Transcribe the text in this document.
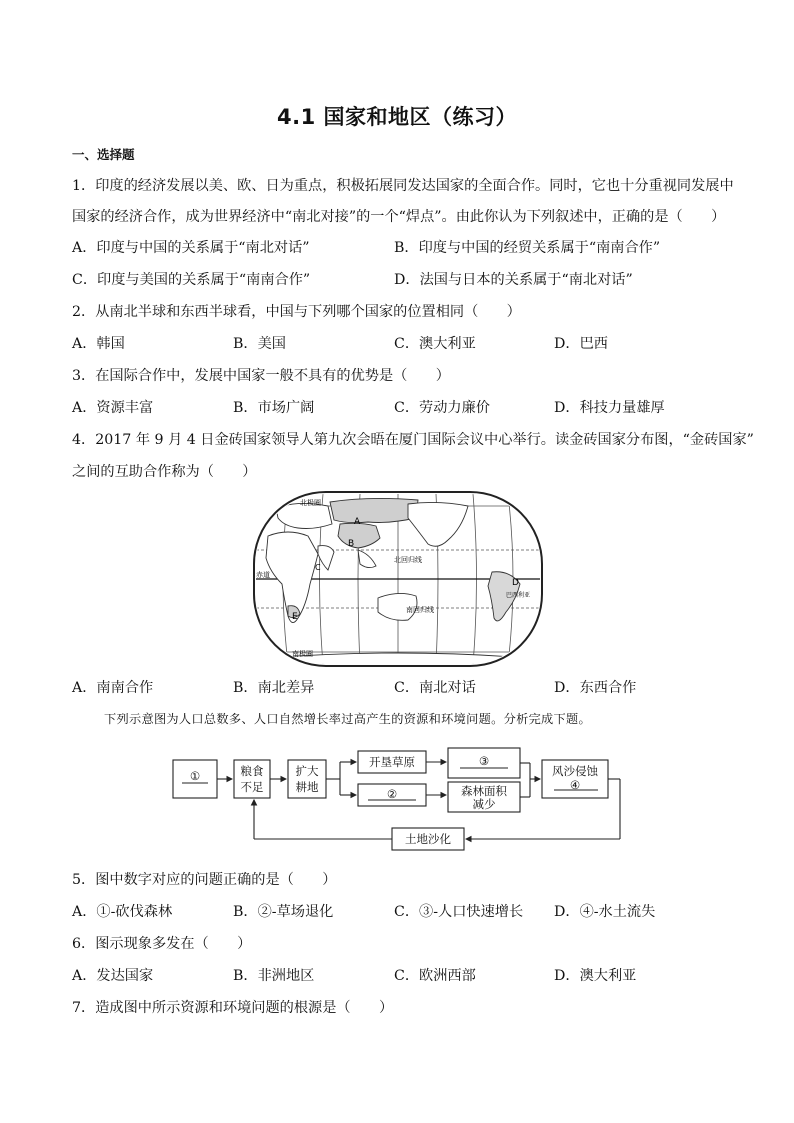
4.1 国家和地区（练习）
一、选择题
1．印度的经济发展以美、欧、日为重点，积极拓展同发达国家的全面合作。同时，它也十分重视同发展中
国家的经济合作，成为世界经济中“南北对接”的一个“焊点”。由此你认为下列叙述中，正确的是（　　）
A．印度与中国的关系属于“南北对话”	B．印度与中国的经贸关系属于“南南合作”
C．印度与美国的关系属于“南南合作”	D．法国与日本的关系属于“南北对话”
2．从南北半球和东西半球看，中国与下列哪个国家的位置相同（　　）
A．韩国	B．美国	C．澳大利亚	D．巴西
3．在国际合作中，发展中国家一般不具有的优势是（　　）
A．资源丰富	B．市场广阔	C．劳动力廉价	D．科技力量雄厚
4．2017 年 9 月 4 日金砖国家领导人第九次会晤在厦门国际会议中心举行。读金砖国家分布图，“金砖国家”
之间的互助合作称为（　　）
A
B
C
D
E
北极圈
北回归线
赤道
南回归线
南极圈
巴西利亚
A．南南合作	B．南北差异	C．南北对话	D．东西合作
下列示意图为人口总数多、人口自然增长率过高产生的资源和环境问题。分析完成下题。
①	粮食
不足
扩大
耕地
开垦草原	③
②	森林面积
减少
风沙侵蚀
④
土地沙化
5．图中数字对应的问题正确的是（　　）
A．①-砍伐森林	B．②-草场退化	C．③-人口快速增长 D．④-水土流失
6．图示现象多发在（　　）
A．发达国家	B．非洲地区	C．欧洲西部	D．澳大利亚
7．造成图中所示资源和环境问题的根源是（　　）
